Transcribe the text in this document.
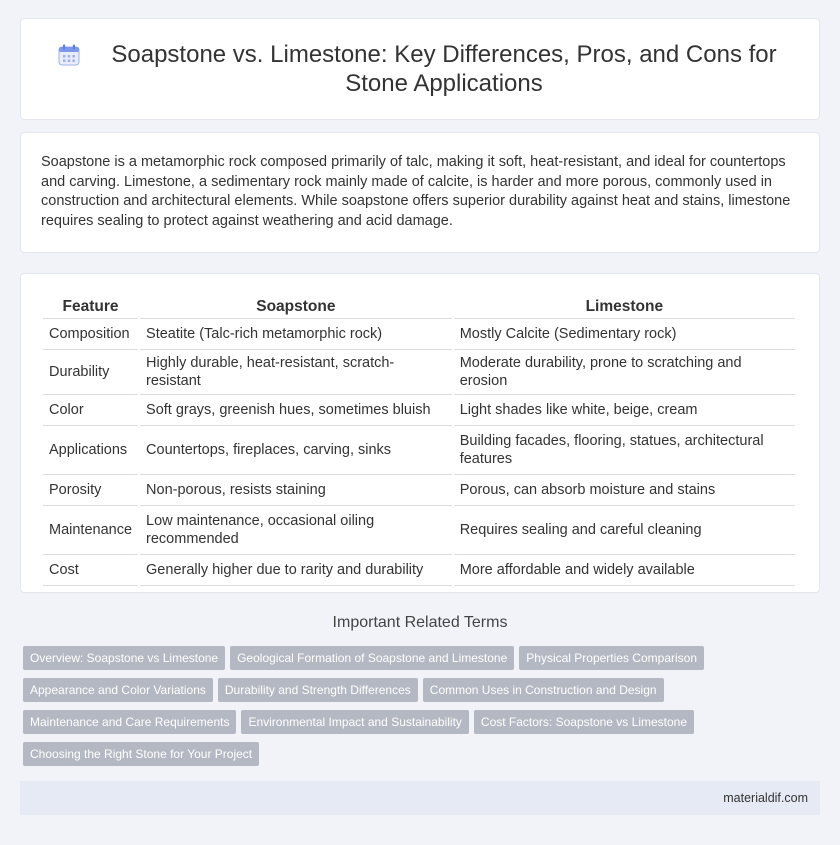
Soapstone vs. Limestone: Key Differences, Pros, and Cons for Stone Applications

Soapstone is a metamorphic rock composed primarily of talc, making it soft, heat-resistant, and ideal for countertops and carving. Limestone, a sedimentary rock mainly made of calcite, is harder and more porous, commonly used in construction and architectural elements. While soapstone offers superior durability against heat and stains, limestone requires sealing to protect against weathering and acid damage.

Feature	Soapstone	Limestone
Composition	Steatite (Talc-rich metamorphic rock)	Mostly Calcite (Sedimentary rock)
Durability	Highly durable, heat-resistant, scratch-resistant	Moderate durability, prone to scratching and erosion
Color	Soft grays, greenish hues, sometimes bluish	Light shades like white, beige, cream
Applications	Countertops, fireplaces, carving, sinks	Building facades, flooring, statues, architectural features
Porosity	Non-porous, resists staining	Porous, can absorb moisture and stains
Maintenance	Low maintenance, occasional oiling recommended	Requires sealing and careful cleaning
Cost	Generally higher due to rarity and durability	More affordable and widely available
Important Related Terms
Overview: Soapstone vs Limestone Geological Formation of Soapstone and Limestone Physical Properties Comparison
Appearance and Color Variations Durability and Strength Differences Common Uses in Construction and Design
Maintenance and Care Requirements Environmental Impact and Sustainability Cost Factors: Soapstone vs Limestone
Choosing the Right Stone for Your Project
materialdif.com
